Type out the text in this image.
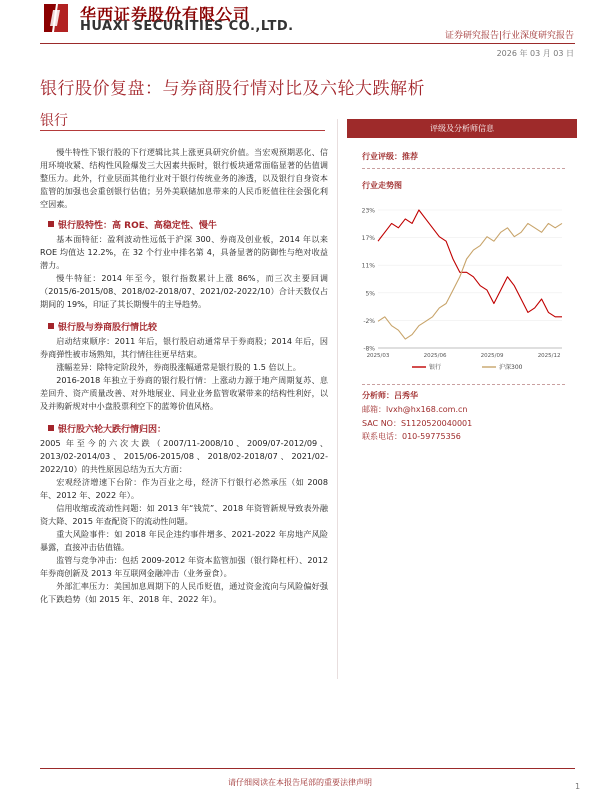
华西证券股份有限公司
HUAXI SECURITIES CO.,LTD.
证券研究报告|行业深度研究报告
2026 年 03 月 03 日
银行股价复盘：与券商股行情对比及六轮大跌解析
银行

慢牛特性下银行股的下行逻辑比其上涨更具研究价值。当宏观预期恶化、信用环境收紧、结构性风险爆发三大因素共振时，银行板块通常面临显著的估值调整压力。此外，行业层面其他行业对于银行传统业务的渗透，以及银行自身资本监管的加强也会重创银行估值；另外美联储加息带来的人民币贬值往往会强化利空因素。

银行股特性：高 ROE、高稳定性、慢牛

基本面特征：盈利波动性远低于沪深 300、券商及创业板，2014 年以来 ROE 均值达 12.2%，在 32 个行业中排名第 4，具备显著的防御性与绝对收益潜力。

慢牛特征：2014 年至今，银行指数累计上涨 86%，而三次主要回调（2015/6-2015/08、2018/02-2018/07、2021/02-2022/10）合计天数仅占期间的 19%，印证了其长期慢牛的主导趋势。

银行股与券商股行情比较

启动结束顺序：2011 年后，银行股启动通常早于券商股；2014 年后，因券商弹性被市场熟知，其行情往往更早结束。

涨幅差异：除特定阶段外，券商股涨幅通常是银行股的 1.5 倍以上。

2016-2018 年独立于券商的银行股行情：上涨动力源于地产周期复苏、息差回升、资产质量改善、对外地展业、同业业务监管收紧带来的结构性利好，以及并购新规对中小盘股票利空下的蓝筹价值风格。

银行股六轮大跌行情归因：

2005 年至今的六次大跌（2007/11-2008/10、2009/07-2012/09、2013/02-2014/03、2015/06-2015/08、2018/02-2018/07、2021/02-2022/10）的共性原因总结为五大方面：

宏观经济增速下台阶：作为百业之母，经济下行银行必然承压（如 2008 年、2012 年、2022 年）。

信用收缩或流动性问题：如 2013 年“钱荒”、2018 年资管新规导致表外融资大降、2015 年查配资下的流动性问题。

重大风险事件：如 2018 年民企违约事件增多、2021-2022 年房地产风险暴露，直接冲击估值锚。

监管与竞争冲击：包括 2009-2012 年资本监管加强（银行降杠杆）、2012 年券商创新及 2013 年互联网金融冲击（业务蚕食）。

外部汇率压力：美国加息周期下的人民币贬值，通过资金流向与风险偏好强化下跌趋势（如 2015 年、2018 年、2022 年）。

评级及分析师信息
行业评级：推荐
行业走势图
23%
17%
11%
5%
-2%
-8%
2025/03	2025/06	2025/09	2025/12
银行	沪深300
分析师：吕秀华
邮箱：lvxh@hx168.com.cn
SAC NO：S1120520040001
联系电话：010-59775356
请仔细阅读在本报告尾部的重要法律声明	1
